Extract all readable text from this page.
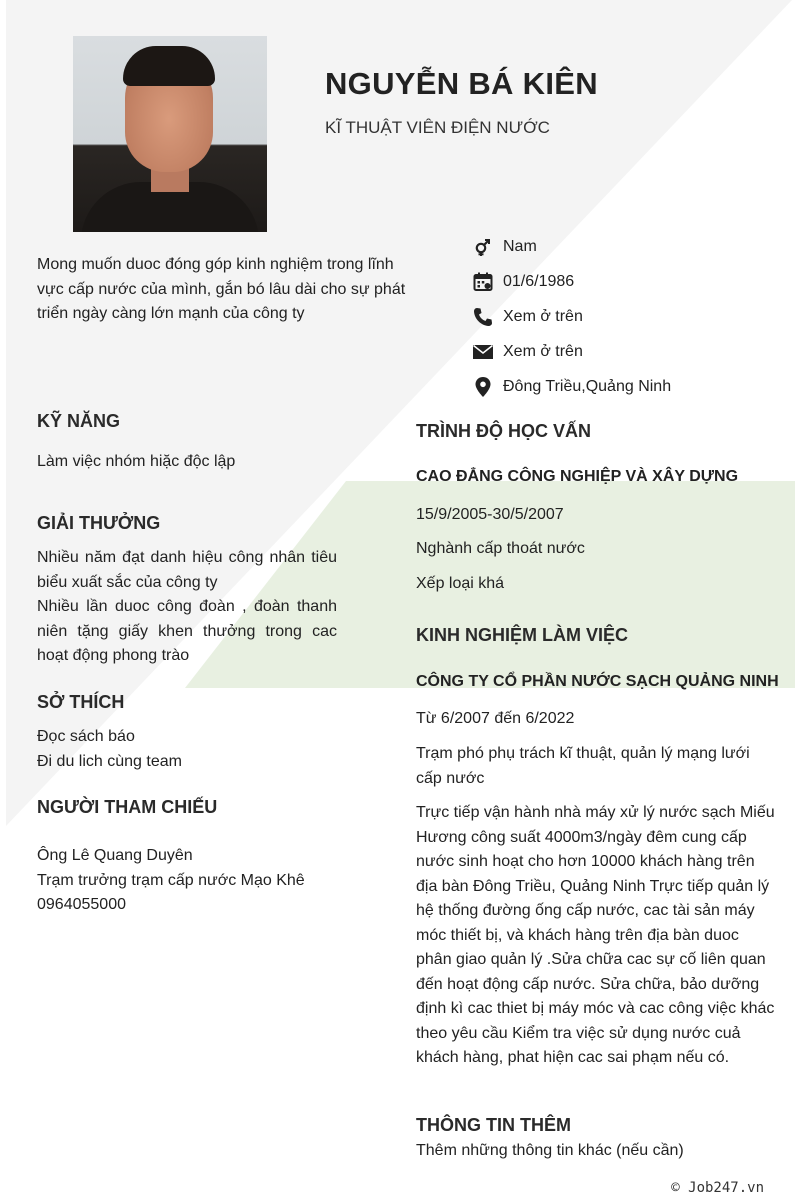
NGUYỄN BÁ KIÊN
KĨ THUẬT VIÊN ĐIỆN NƯỚC
Mong muốn duoc đóng góp kinh nghiệm trong lĩnh vực cấp nước của mình, gắn bó lâu dài cho sự phát triển ngày càng lớn mạnh của công ty
Nam
01/6/1986
Xem ở trên
Xem ở trên
Đông Triều,Quảng Ninh
KỸ NĂNG
Làm việc nhóm hiặc độc lập
GIẢI THƯỞNG
Nhiều năm đạt danh hiệu công nhân tiêu biểu xuất sắc của công ty
Nhiều lần duoc công đoàn , đoàn thanh niên tặng giấy khen thưởng trong cac hoạt động phong trào
SỞ THÍCH
Đọc sách báo
Đi du lich cùng team
NGƯỜI THAM CHIẾU
Ông Lê Quang Duyên
Trạm trưởng trạm cấp nước Mạo Khê
0964055000
TRÌNH ĐỘ HỌC VẤN
CAO ĐẲNG CÔNG NGHIỆP VÀ XÂY DỰNG
15/9/2005-30/5/2007
Nghành cấp thoát nước
Xếp loại khá
KINH NGHIỆM LÀM VIỆC
CÔNG TY CỔ PHẦN NƯỚC SẠCH QUẢNG NINH
Từ 6/2007 đến 6/2022
Trạm phó phụ trách kĩ thuật, quản lý mạng lưới cấp nước
Trực tiếp vận hành nhà máy xử lý nước sạch Miếu Hương công suất 4000m3/ngày đêm cung cấp nước sinh hoạt cho hơn 10000 khách hàng trên địa bàn Đông Triều, Quảng Ninh Trực tiếp quản lý hệ thống đường ống cấp nước, cac tài sản máy móc thiết bị, và khách hàng trên địa bàn duoc phân giao quản lý .Sửa chữa cac sự cố liên quan đến hoạt động cấp nước. Sửa chữa, bảo dưỡng định kì cac thiet bị máy móc và cac công việc khác theo yêu cầu Kiểm tra việc sử dụng nước cuả khách hàng, phat hiện cac sai phạm nếu có.
THÔNG TIN THÊM
Thêm những thông tin khác (nếu cần)
© Job247.vn
